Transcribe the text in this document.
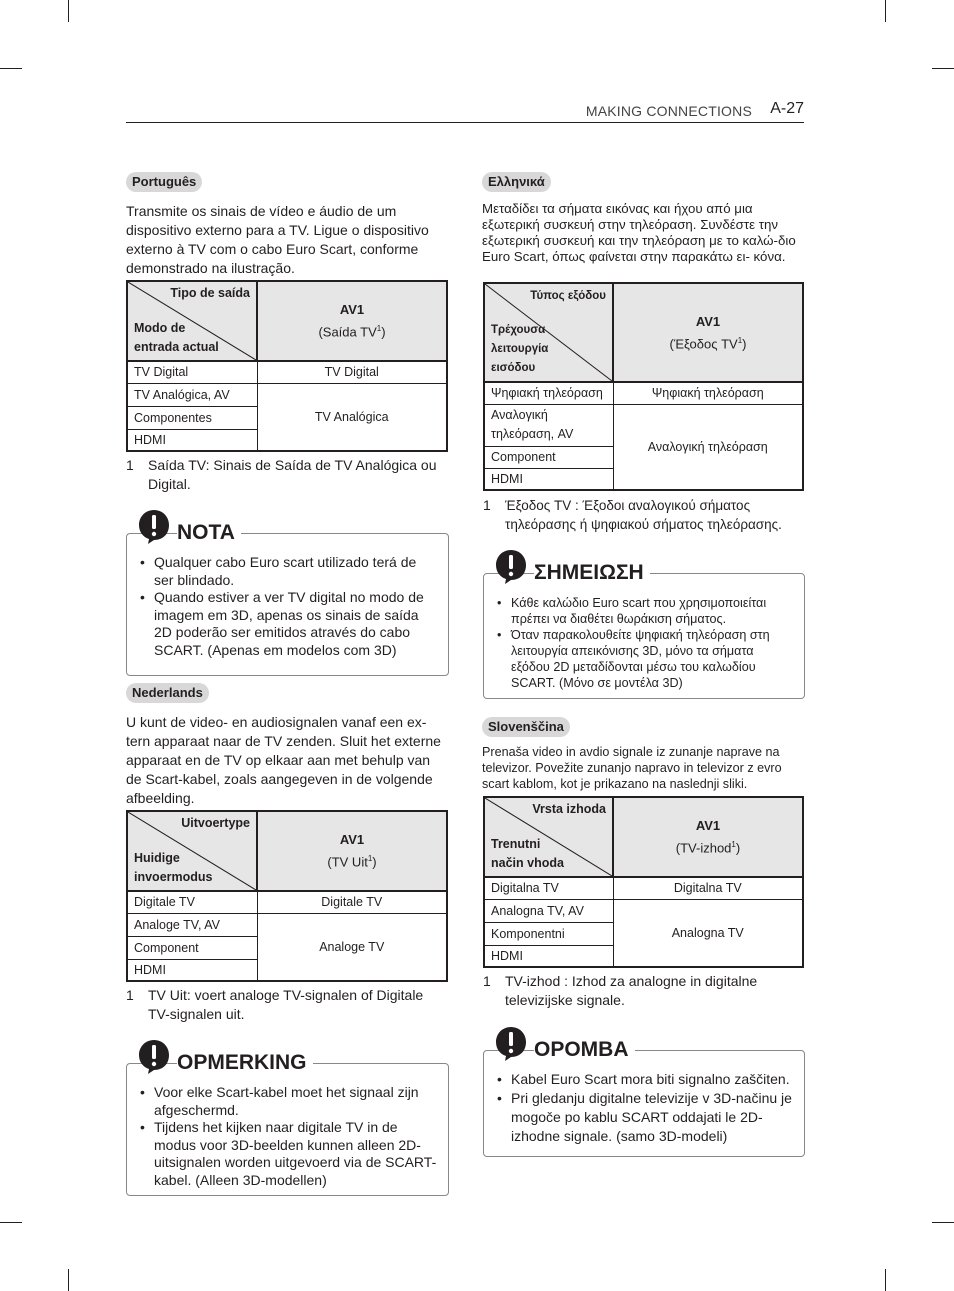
MAKING CONNECTIONS A-27
Português
Transmite os sinais de vídeo e áudio de um dispositivo externo para a TV. Ligue o dispositivo externo à TV com o cabo Euro Scart, conforme demonstrado na ilustração.
Tipo de saída
Modo de
entrada actual	AV1
(Saída $TV^1$)
TV Digital	TV Digital
TV Analógica, AV	TV Analógica
Componentes	
HDMI	
1 Saída TV: Sinais de Saída de TV Analógica ou Digital.
NOTA
• Qualquer cabo Euro scart utilizado terá de ser blindado.
• Quando estiver a ver TV digital no modo de imagem em 3D, apenas os sinais de saída 2D poderão ser emitidos através do cabo SCART. (Apenas em modelos com 3D)
Nederlands
U kunt de video- en audiosignalen vanaf een ex-tern apparaat naar de TV zenden. Sluit het externe apparaat en de TV op elkaar aan met behulp van de Scart-kabel, zoals aangegeven in de volgende afbeelding.
Uitvoertype
Huidige
invoermodus	AV1
(TV Uit$^1$)
Digitale TV	Digitale TV
Analoge TV, AV	Analoge TV
Component	
HDMI	
1 TV Uit: voert analoge TV-signalen of Digitale TV-signalen uit.
OPMERKING
• Voor elke Scart-kabel moet het signaal zijn afgeschermd.
• Tijdens het kijken naar digitale TV in de modus voor 3D-beelden kunnen alleen 2D-uitsignalen worden uitgevoerd via de SCART-kabel. (Alleen 3D-modellen)
Ελληνικά
Μεταδίδει τα σήματα εικόνας και ήχου από μια εξωτερική συσκευή στην τηλεόραση. Συνδέστε την εξωτερική συσκευή και την τηλεόραση με το καλώ-διο Euro Scart, όπως φαίνεται στην παρακάτω ει- κόνα.
Τύπος εξόδου
Τρέχουσα
λειτουργία
εισόδου	AV1
(Έξοδος $TV^1$)
Ψηφιακή τηλεόραση	Ψηφιακή τηλεόραση
Αναλογική τηλεόραση, AV	Αναλογική τηλεόραση
Component	
HDMI	
1 Έξοδος TV : Έξοδοι αναλογικού σήματος τηλεόρασης ή ψηφιακού σήματος τηλεόρασης.
ΣΗΜΕΙΩΣΗ
• Κάθε καλώδιο Euro scart που χρησιμοποιείται πρέπει να διαθέτει θωράκιση σήματος.
• Όταν παρακολουθείτε ψηφιακή τηλεόραση στη λειτουργία απεικόνισης 3D, μόνο τα σήματα εξόδου 2D μεταδίδονται μέσω του καλωδίου SCART. (Μόνο σε μοντέλα 3D)
Slovenščina
Prenaša video in avdio signale iz zunanje naprave na televizor. Povežite zunanjo napravo in televizor z evro scart kablom, kot je prikazano na naslednji sliki.
Vrsta izhoda
Trenutni
način vhoda	AV1
(TV-izhod$^1$)
Digitalna TV	Digitalna TV
Analogna TV, AV	Analogna TV
Komponentni	
HDMI	
1 TV-izhod : Izhod za analogne in digitalne televizijske signale.
OPOMBA
• Kabel Euro Scart mora biti signalno zaščiten.
• Pri gledanju digitalne televizije v 3D-načinu je mogoče po kablu SCART oddajati le 2D-izhodne signale. (samo 3D-modeli)
